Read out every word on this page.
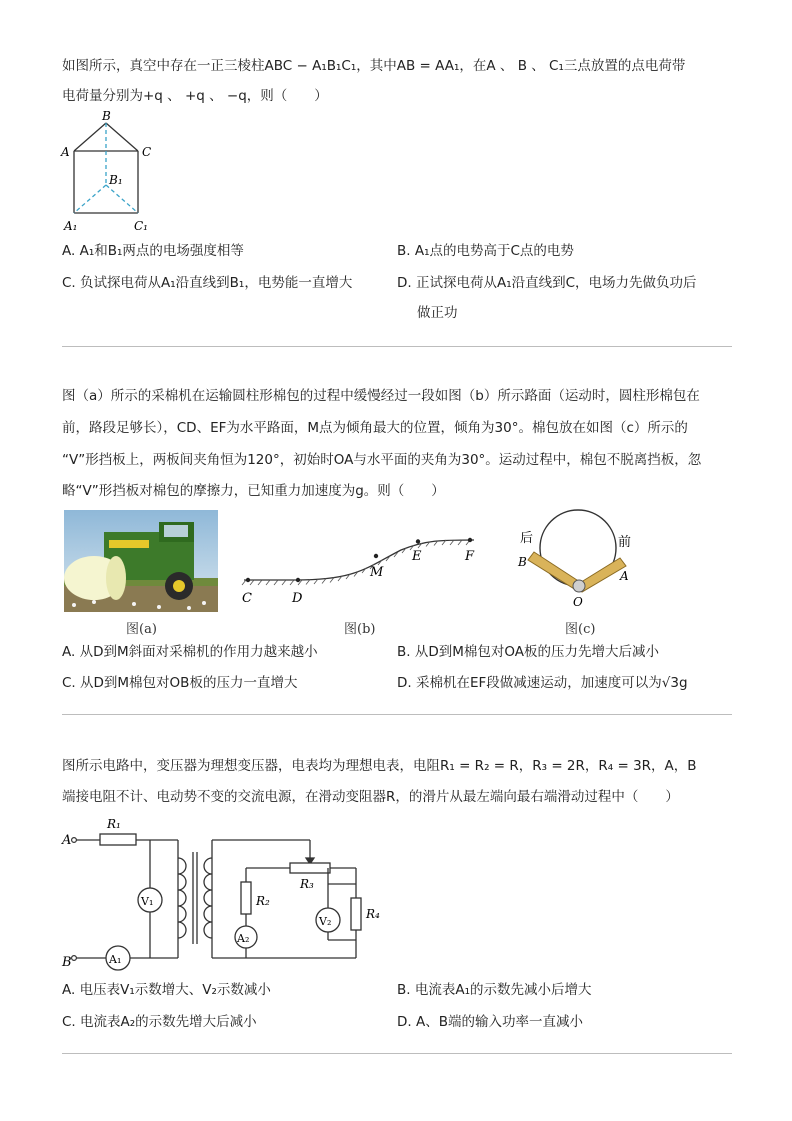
如图所示，真空中存在一正三棱柱ABC − A₁B₁C₁，其中AB = AA₁，在A 、 B 、 C₁三点放置的点电荷带
电荷量分别为+q 、 +q 、 −q，则（　　）
B
A	C
B₁
A₁	C₁
A. A₁和B₁两点的电场强度相等	B. A₁点的电势高于C点的电势
C. 负试探电荷从A₁沿直线到B₁，电势能一直增大	D. 正试探电荷从A₁沿直线到C，电场力先做负功后
做正功
图（a）所示的采棉机在运输圆柱形棉包的过程中缓慢经过一段如图（b）所示路面（运动时，圆柱形棉包在
前，路段足够长），CD、EF为水平路面，M点为倾角最大的位置，倾角为30°。棉包放在如图（c）所示的
“V”形挡板上，两板间夹角恒为120°，初始时OA与水平面的夹角为30°。运动过程中，棉包不脱离挡板，忽
略“V”形挡板对棉包的摩擦力，已知重力加速度为g。则（　　）
图(a)
C	D
M
E	F
图(b)
后	前
B
A
O
图(c)
A. 从D到M斜面对采棉机的作用力越来越小	B. 从D到M棉包对OA板的压力先增大后减小
C. 从D到M棉包对OB板的压力一直增大	D. 采棉机在EF段做减速运动，加速度可以为√3g
图所示电路中，变压器为理想变压器，电表均为理想电表，电阻R₁ = R₂ = R，R₃ = 2R，R₄ = 3R，A，B
端接电阻不计、电动势不变的交流电源，在滑动变阻器R，的滑片从最左端向最右端滑动过程中（　　）
A
B
R₁
R₃
R₂
R₄
V₁
A₁
A₂
V₂
A. 电压表V₁示数增大、V₂示数减小	B. 电流表A₁的示数先减小后增大
C. 电流表A₂的示数先增大后减小	D. A、B端的输入功率一直减小
